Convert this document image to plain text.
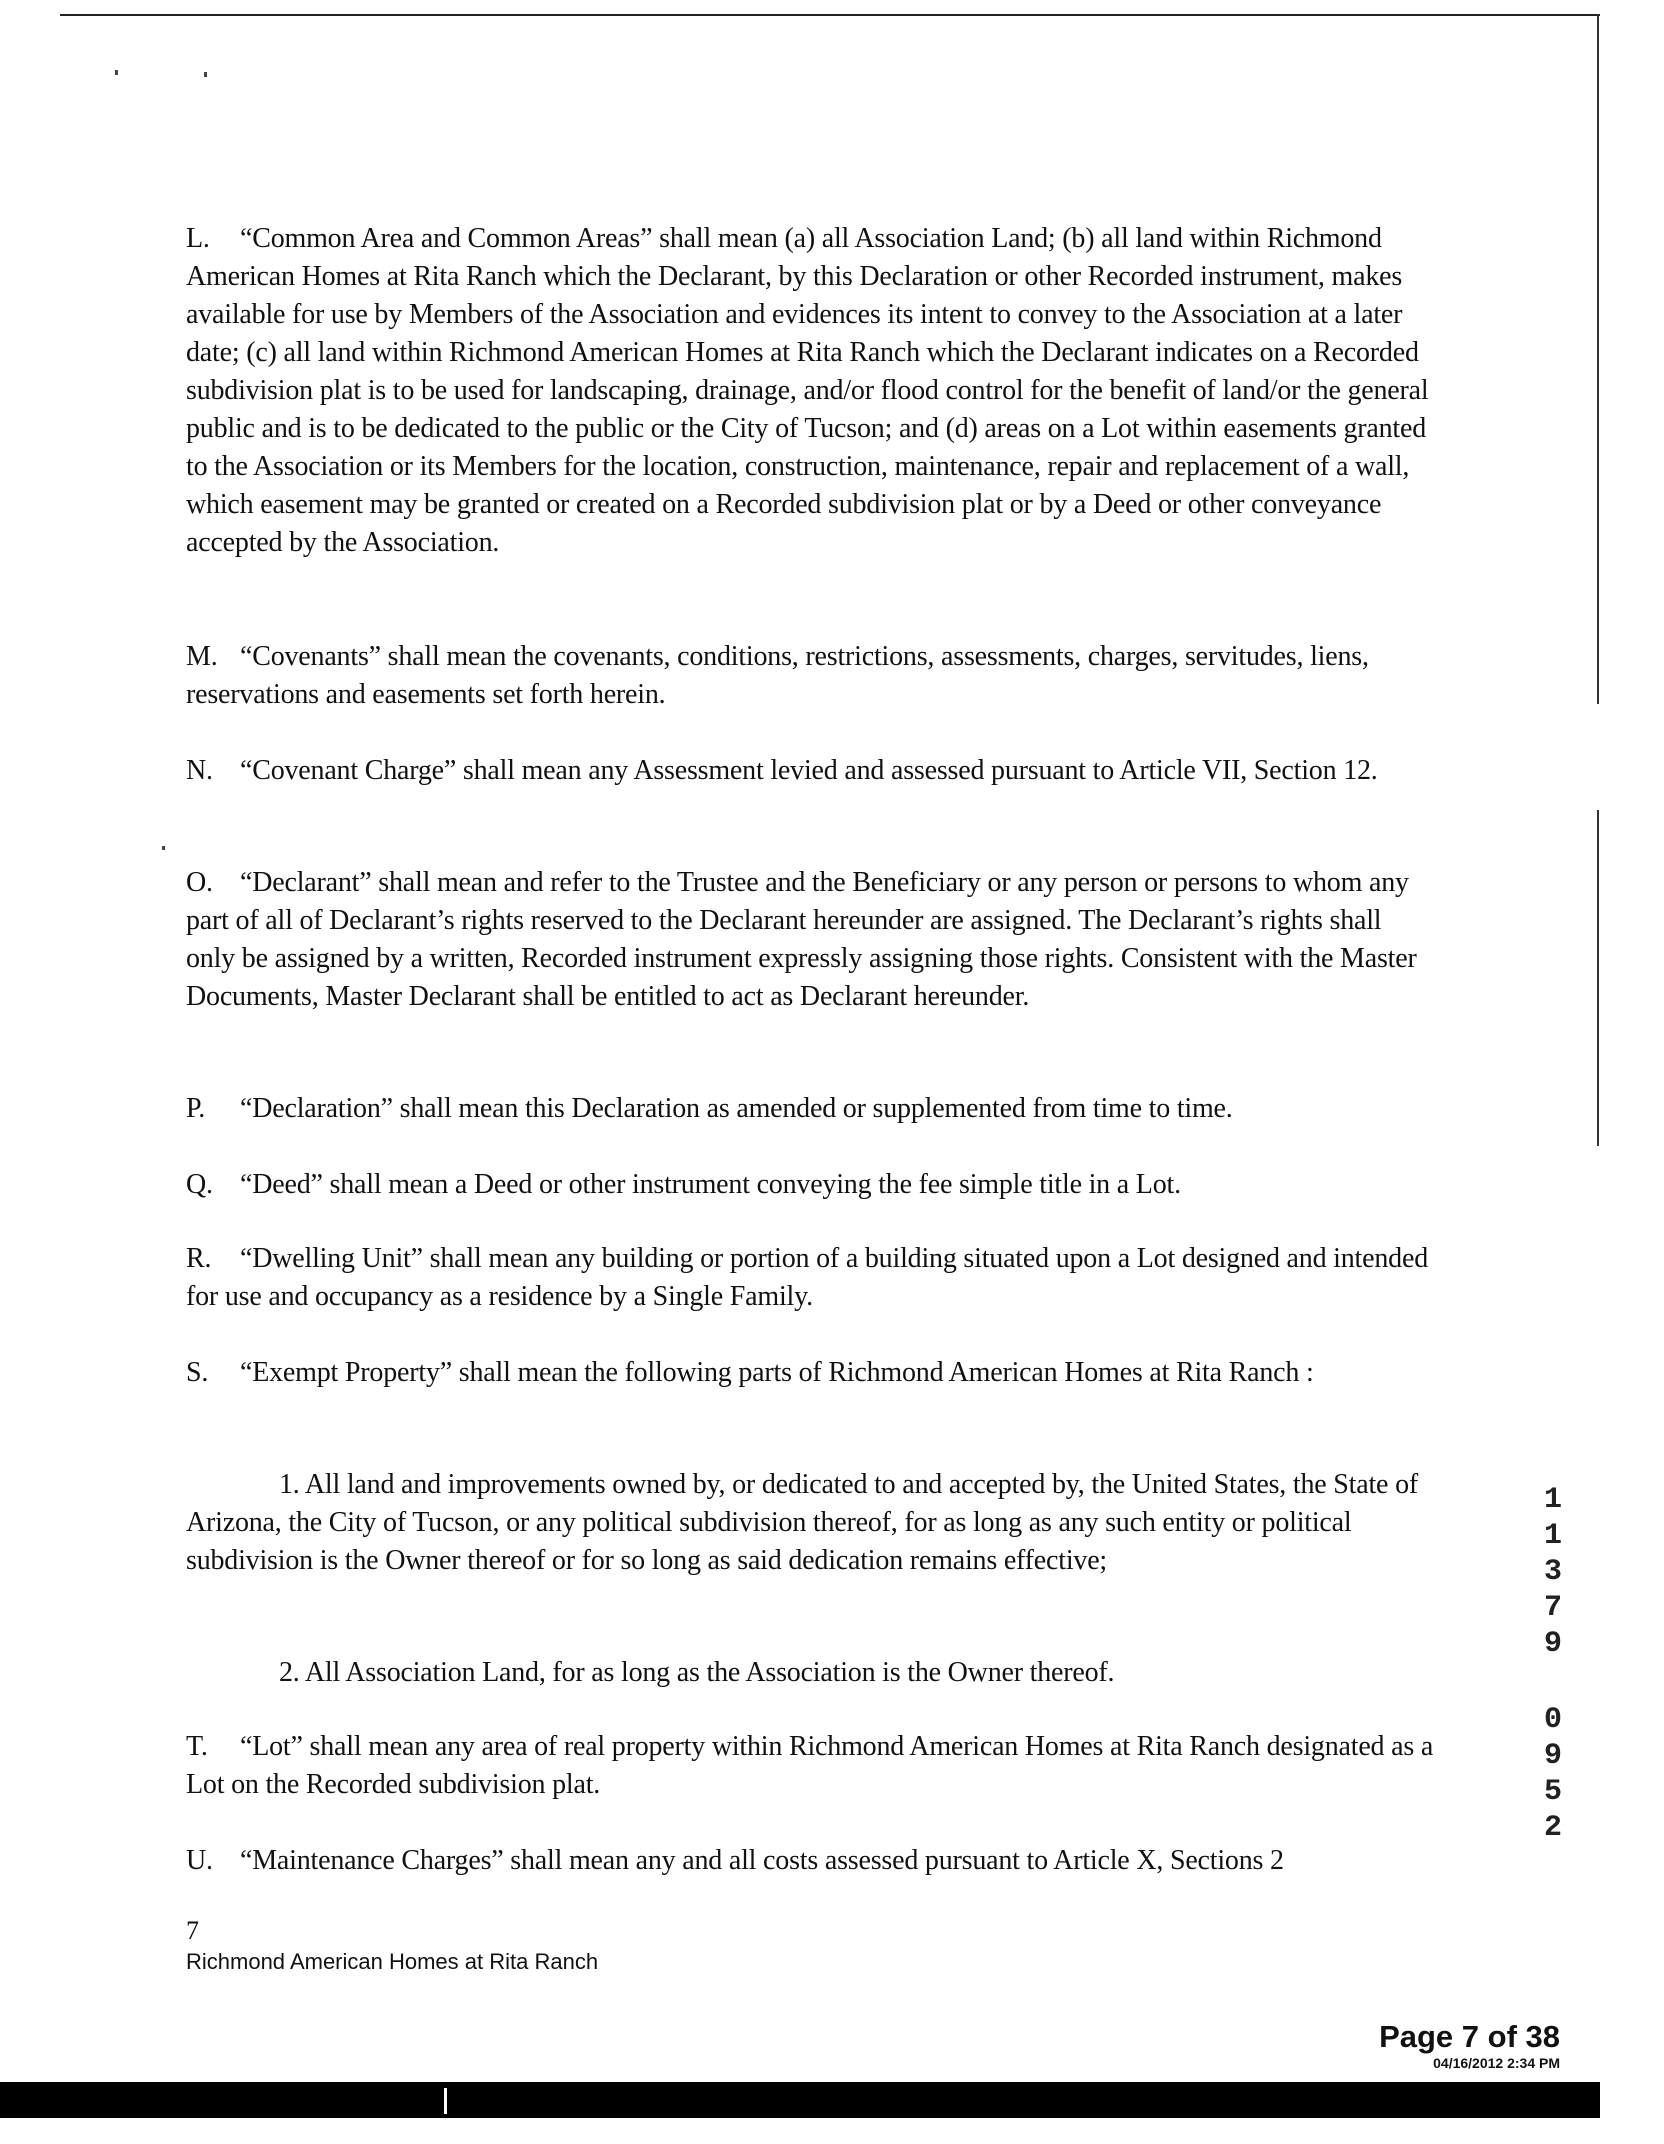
L. “Common Area and Common Areas” shall mean (a) all Association Land; (b) all land within Richmond American Homes at Rita Ranch which the Declarant, by this Declaration or other Recorded instrument, makes available for use by Members of the Association and evidences its intent to convey to the Association at a later date; (c) all land within Richmond American Homes at Rita Ranch which the Declarant indicates on a Recorded subdivision plat is to be used for landscaping, drainage, and/or flood control for the benefit of land/or the general public and is to be dedicated to the public or the City of Tucson; and (d) areas on a Lot within easements granted to the Association or its Members for the location, construction, maintenance, repair and replacement of a wall, which easement may be granted or created on a Recorded subdivision plat or by a Deed or other conveyance accepted by the Association.

M. “Covenants” shall mean the covenants, conditions, restrictions, assessments, charges, servitudes, liens, reservations and easements set forth herein.

N. “Covenant Charge” shall mean any Assessment levied and assessed pursuant to Article VII, Section 12.

O. “Declarant” shall mean and refer to the Trustee and the Beneficiary or any person or persons to whom any part of all of Declarant’s rights reserved to the Declarant hereunder are assigned. The Declarant’s rights shall only be assigned by a written, Recorded instrument expressly assigning those rights. Consistent with the Master Documents, Master Declarant shall be entitled to act as Declarant hereunder.

P. “Declaration” shall mean this Declaration as amended or supplemented from time to time.

Q. “Deed” shall mean a Deed or other instrument conveying the fee simple title in a Lot.

R. “Dwelling Unit” shall mean any building or portion of a building situated upon a Lot designed and intended for use and occupancy as a residence by a Single Family.

S. “Exempt Property” shall mean the following parts of Richmond American Homes at Rita Ranch :

1. All land and improvements owned by, or dedicated to and accepted by, the United States, the State of Arizona, the City of Tucson, or any political subdivision thereof, for as long as any such entity or political subdivision is the Owner thereof or for so long as said dedication remains effective;

2. All Association Land, for as long as the Association is the Owner thereof.

T. “Lot” shall mean any area of real property within Richmond American Homes at Rita Ranch designated as a Lot on the Recorded subdivision plat.

U. “Maintenance Charges” shall mean any and all costs assessed pursuant to Article X, Sections 2

1
1
3
7
9
0
9
5
2
7
Richmond American Homes at Rita Ranch
Page 7 of 38
04/16/2012 2:34 PM
